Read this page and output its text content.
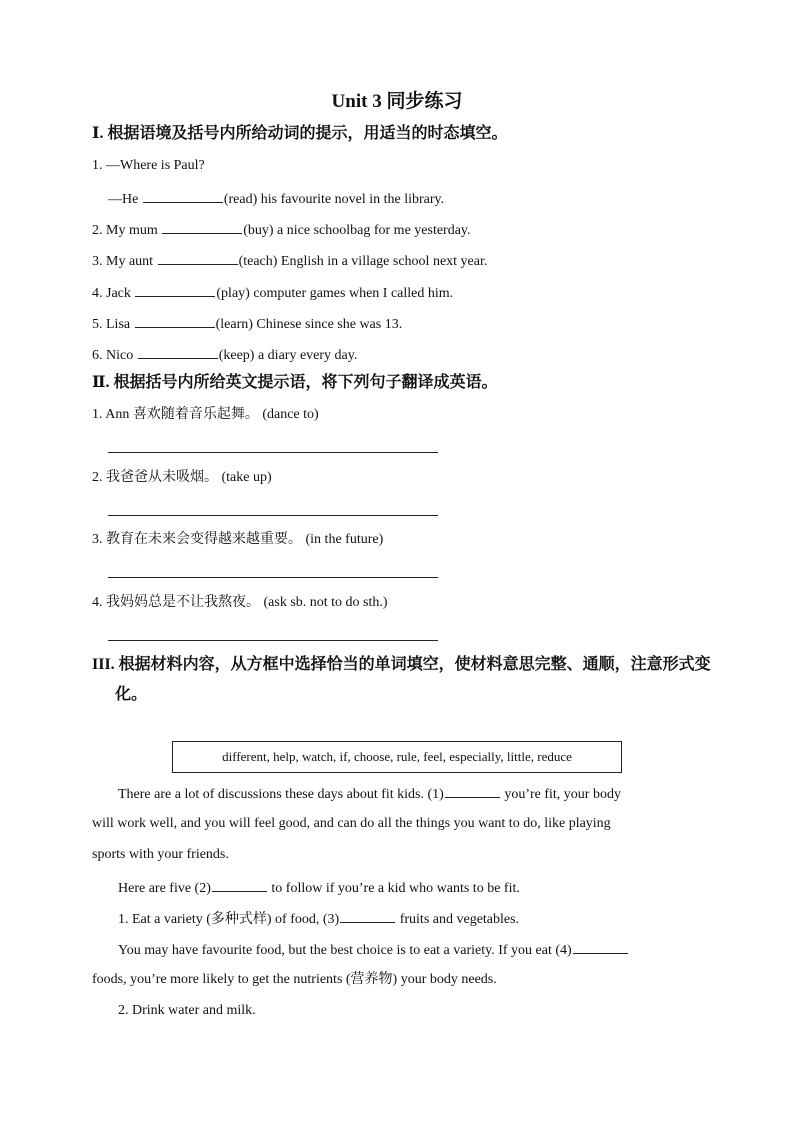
Unit 3 同步练习
Ⅰ. 根据语境及括号内所给动词的提示，用适当的时态填空。
1. —Where is Paul?
—He	(read) his favourite novel in the library.
2. My mum	(buy) a nice schoolbag for me yesterday.
3. My aunt	(teach) English in a village school next year.
4. Jack	(play) computer games when I called him.
5. Lisa	(learn) Chinese since she was 13.
6. Nico	(keep) a diary every day.
Ⅱ. 根据括号内所给英文提示语，将下列句子翻译成英语。
1. Ann 喜欢随着音乐起舞。 (dance to)
2. 我爸爸从未吸烟。 (take up)
3. 教育在未来会变得越来越重要。 (in the future)
4. 我妈妈总是不让我熬夜。 (ask sb. not to do sth.)
III. 根据材料内容，从方框中选择恰当的单词填空，使材料意思完整、通顺，注意形式变
化。
different, help, watch, if, choose, rule, feel, especially, little, reduce
There are a lot of discussions these days about fit kids. (1)	you’re fit, your body
will work well, and you will feel good, and can do all the things you want to do, like playing
sports with your friends.
Here are five (2)	to follow if you’re a kid who wants to be fit.
1. Eat a variety (多种式样) of food, (3)	fruits and vegetables.
You may have favourite food, but the best choice is to eat a variety. If you eat (4)
foods, you’re more likely to get the nutrients (营养物) your body needs.
2. Drink water and milk.
